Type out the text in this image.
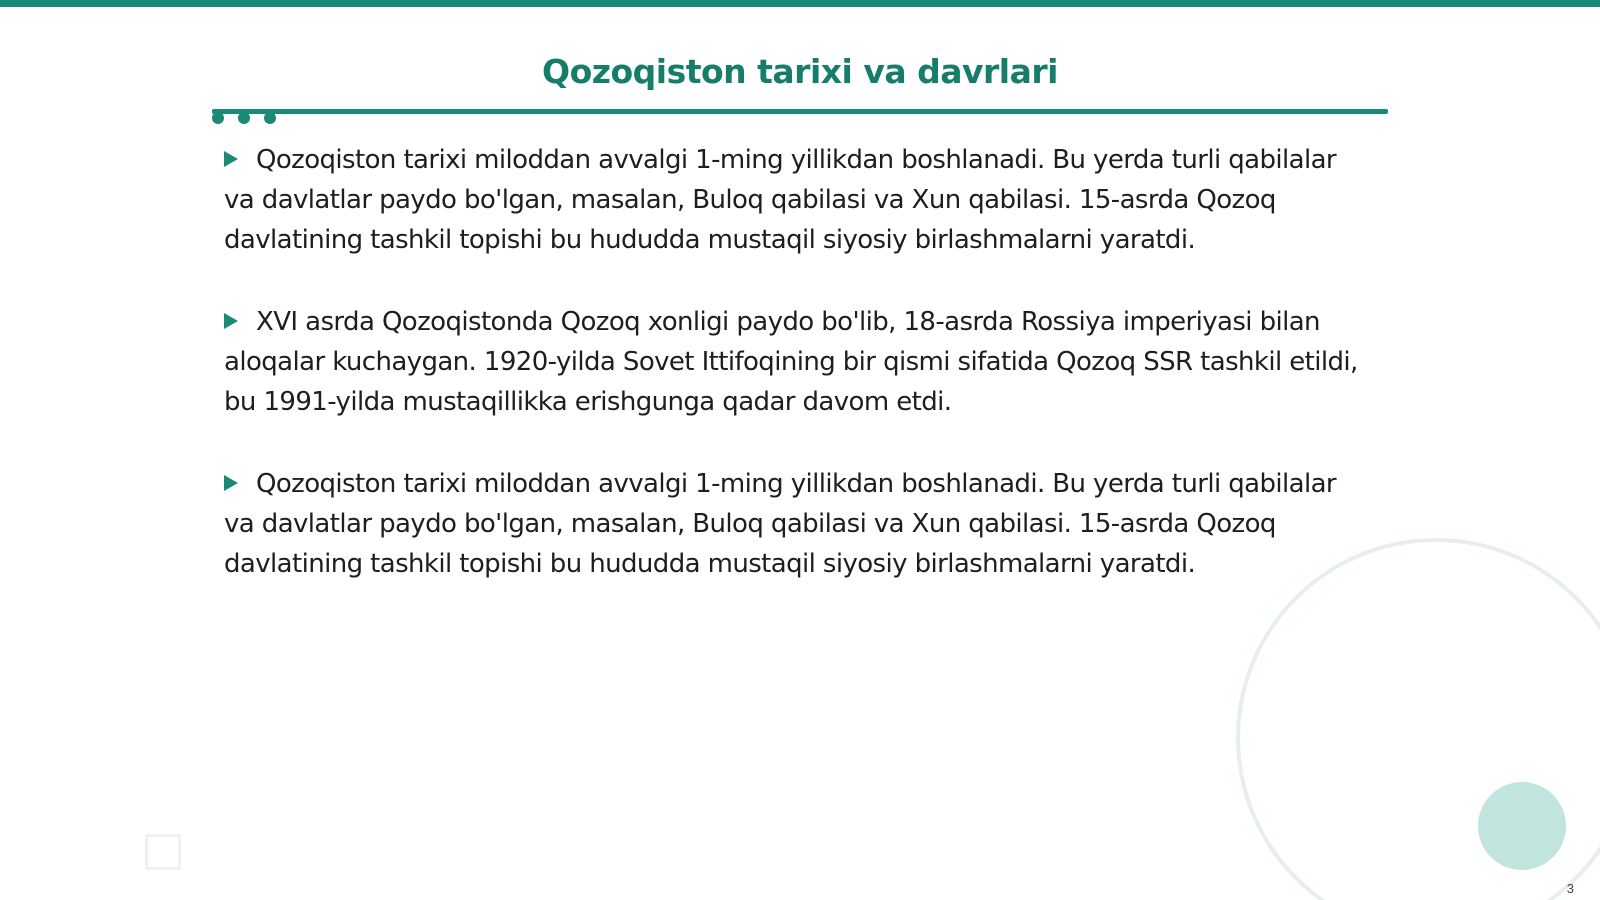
Qozoqiston tarixi va davrlari

Qozoqiston tarixi miloddan avvalgi 1-ming yillikdan boshlanadi. Bu yerda turli qabilalar va davlatlar paydo bo'lgan, masalan, Buloq qabilasi va Xun qabilasi. 15-asrda Qozoq davlatining tashkil topishi bu hududda mustaqil siyosiy birlashmalarni yaratdi.

XVI asrda Qozoqistonda Qozoq xonligi paydo bo'lib, 18-asrda Rossiya imperiyasi bilan aloqalar kuchaygan. 1920-yilda Sovet Ittifoqining bir qismi sifatida Qozoq SSR tashkil etildi, bu 1991-yilda mustaqillikka erishgunga qadar davom etdi.

Qozoqiston tarixi miloddan avvalgi 1-ming yillikdan boshlanadi. Bu yerda turli qabilalar va davlatlar paydo bo'lgan, masalan, Buloq qabilasi va Xun qabilasi. 15-asrda Qozoq davlatining tashkil topishi bu hududda mustaqil siyosiy birlashmalarni yaratdi.

3
